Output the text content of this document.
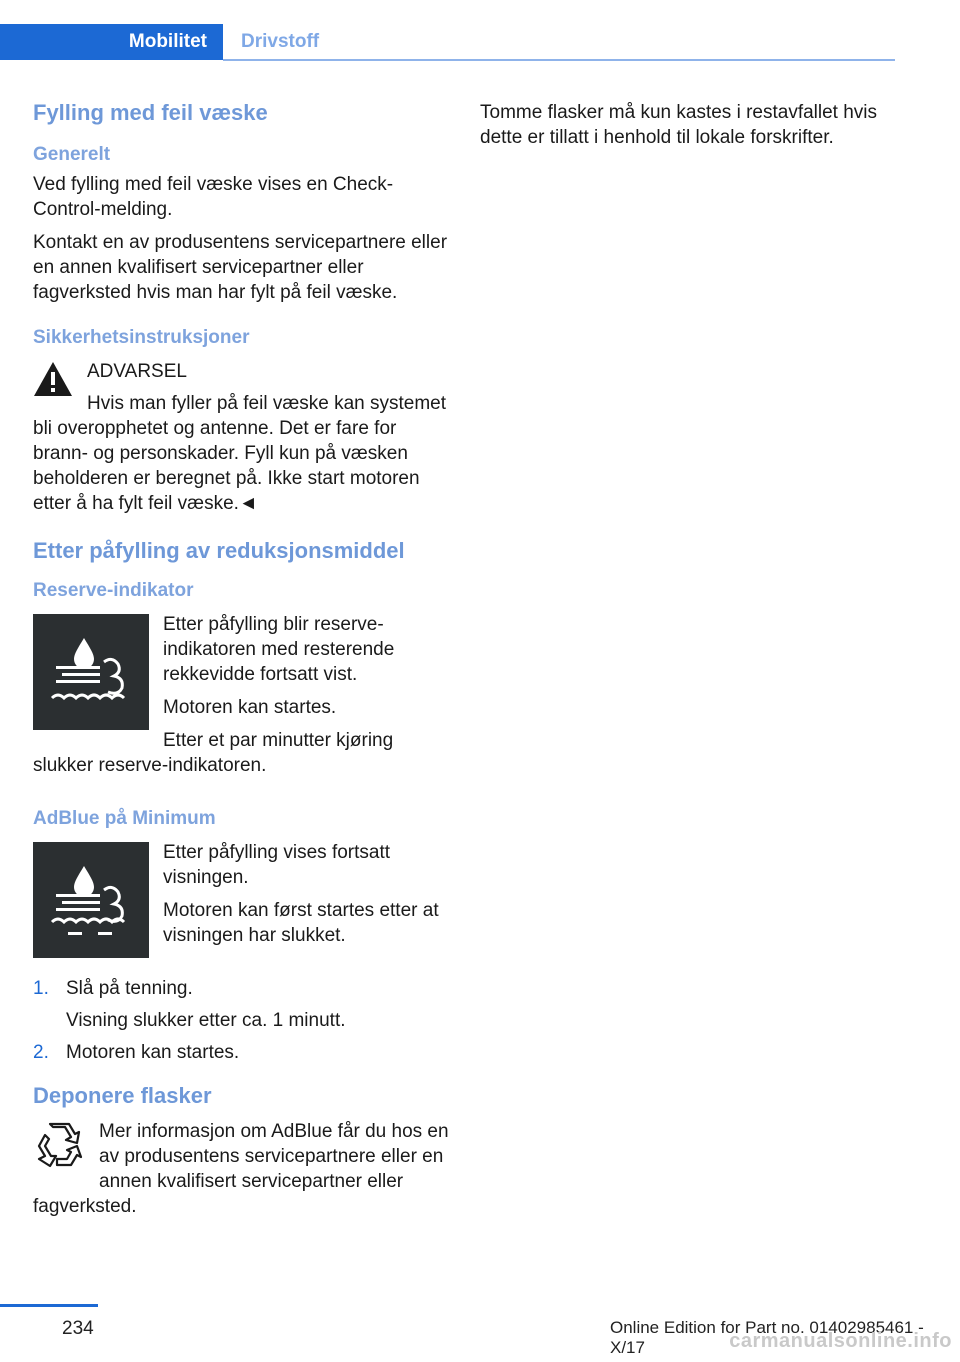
Mobilitet Drivstoff
Fylling med feil væske
Generelt

Ved fylling med feil væske vises en Check-Control-melding.

Kontakt en av produsentens servicepartnere eller en annen kvalifisert servicepartner eller fagverksted hvis man har fylt på feil væske.

Sikkerhetsinstruksjoner

ADVARSEL

Hvis man fyller på feil væske kan systemet bli overopphetet og antenne. Det er fare for brann- og personskader. Fyll kun på væsken beholderen er beregnet på. Ikke start motoren etter å ha fylt feil væske.◄

Etter påfylling av reduksjonsmiddel
Reserve-indikator

Etter påfylling blir reserve-indikatoren med resterende rekkevidde fortsatt vist.

Motoren kan startes.

Etter et par minutter kjøring slukker reserve-indikatoren.

AdBlue på Minimum

Etter påfylling vises fortsatt visningen.

Motoren kan først startes etter at visningen har slukket.

1. Slå på tenning.

Visning slukker etter ca. 1 minutt.

2. Motoren kan startes.

Deponere flasker

Mer informasjon om AdBlue får du hos en av produsentens servicepartnere eller en annen kvalifisert servicepartner eller fagverksted.

Tomme flasker må kun kastes i restavfallet hvis dette er tillatt i henhold til lokale forskrifter.

234	Online Edition for Part no. 01402985461 - X/17	carmanualsonline.info
